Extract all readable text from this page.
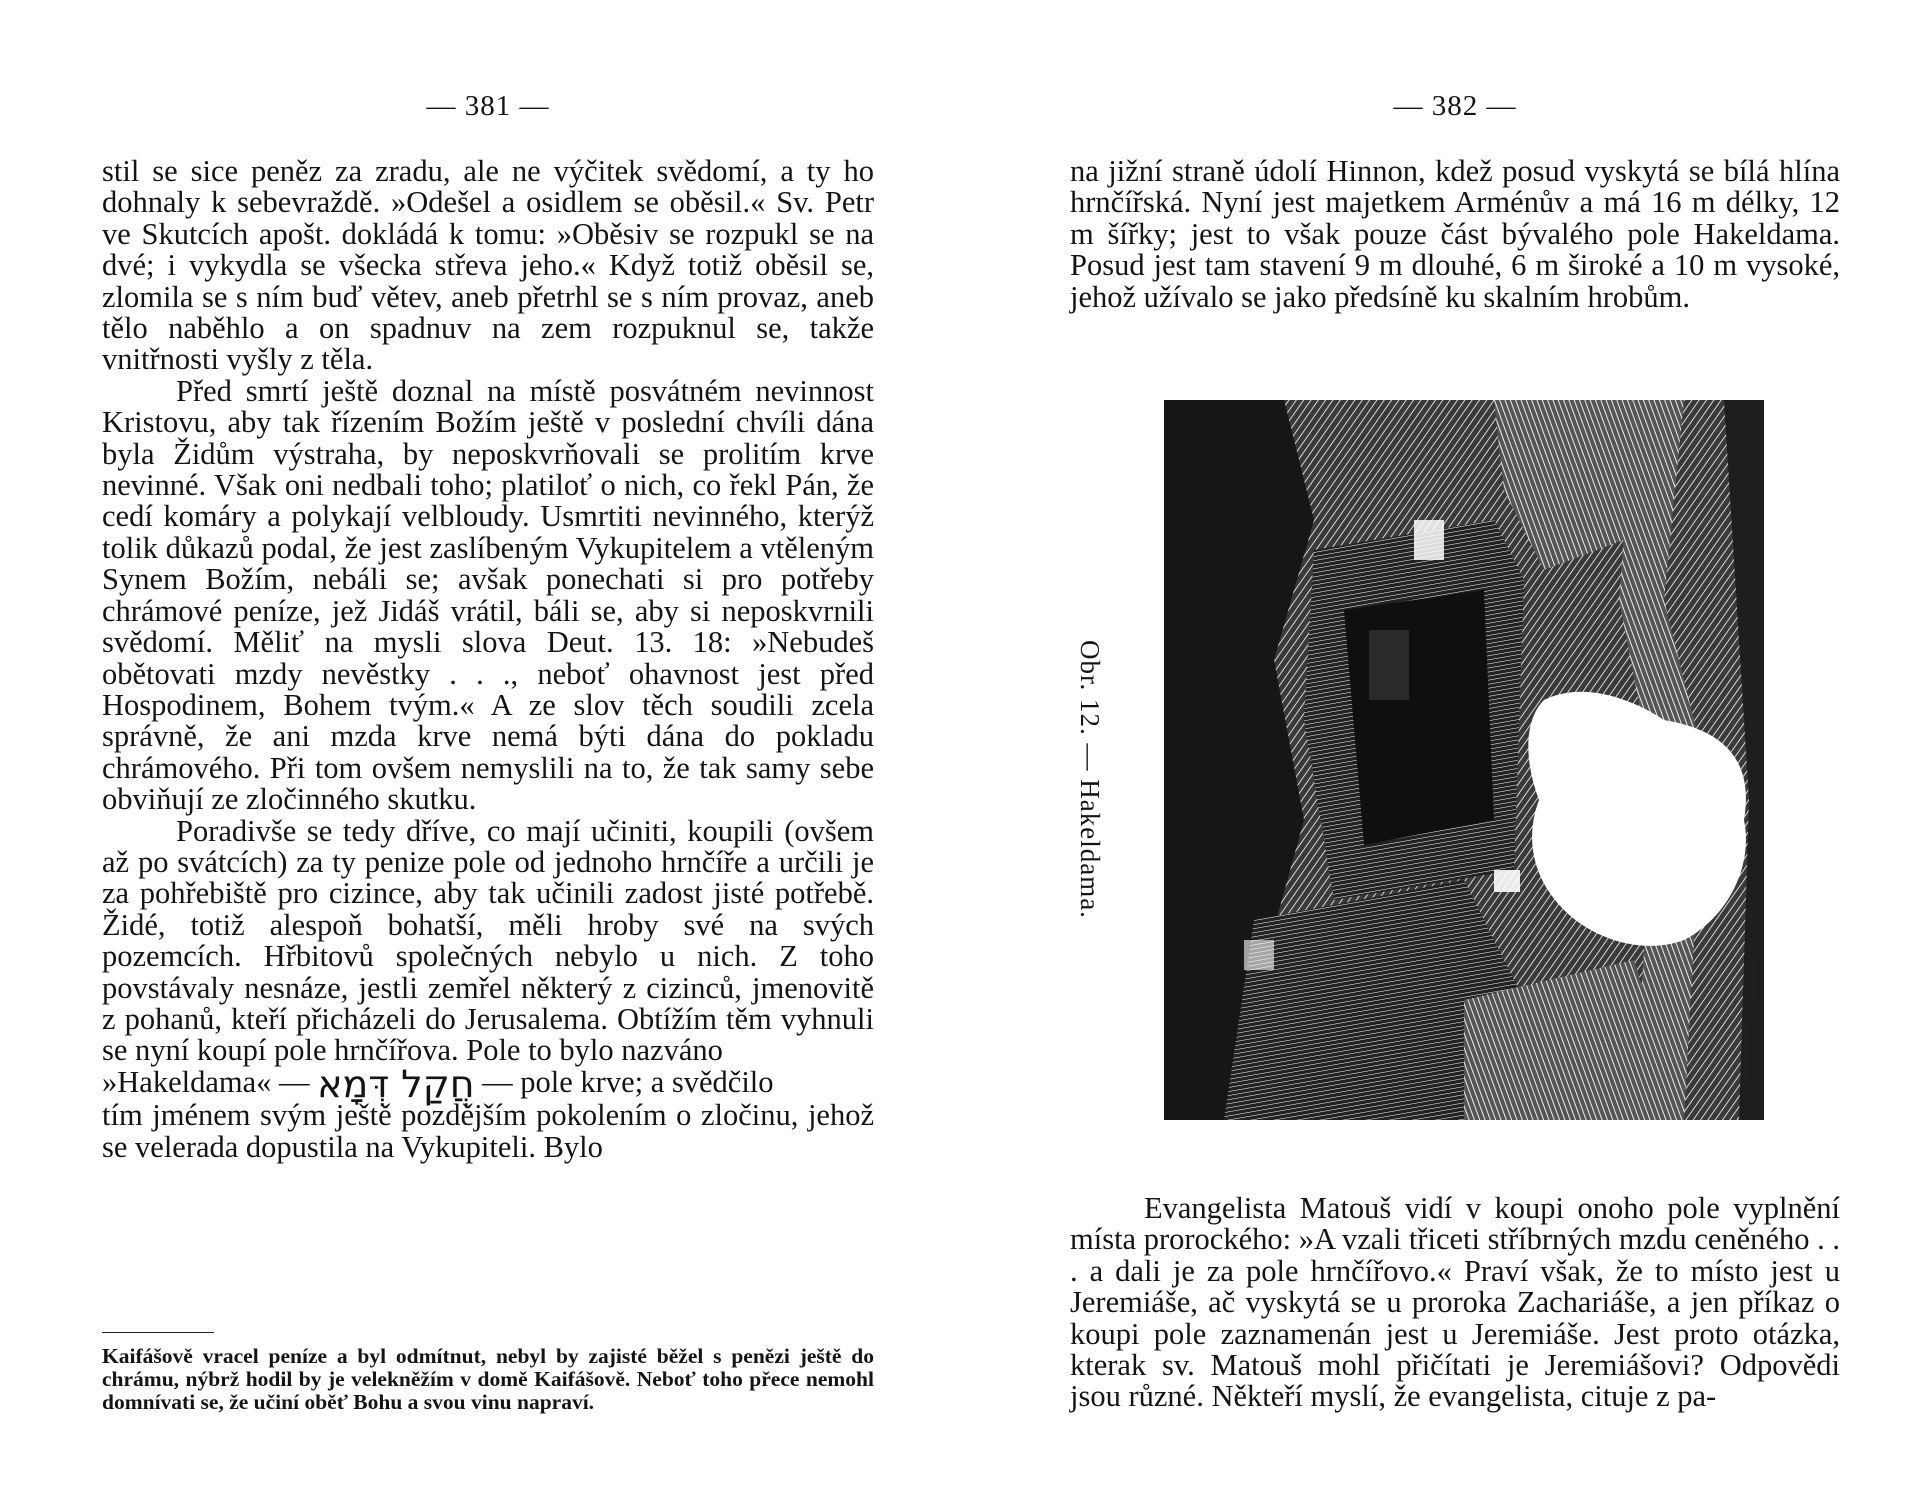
— 381 —

stil se sice peněz za zradu, ale ne výčitek svědomí, a ty ho dohnaly k sebevraždě. »Odešel a osidlem se oběsil.« Sv. Petr ve Skutcích apošt. dokládá k tomu: »Oběsiv se rozpukl se na dvé; i vykydla se všecka střeva jeho.« Když totiž oběsil se, zlomila se s ním buď větev, aneb přetrhl se s ním provaz, aneb tělo naběhlo a on spadnuv na zem rozpuknul se, takže vnitřnosti vyšly z těla.

Před smrtí ještě doznal na místě posvátném nevinnost Kristovu, aby tak řízením Božím ještě v poslední chvíli dána byla Židům výstraha, by neposkvrňovali se prolitím krve nevinné. Však oni nedbali toho; platiloť o nich, co řekl Pán, že cedí komáry a polykají velbloudy. Usmrtiti nevinného, kterýž tolik důkazů podal, že jest zaslíbeným Vykupitelem a vtěleným Synem Božím, nebáli se; avšak ponechati si pro potřeby chrámové peníze, jež Jidáš vrátil, báli se, aby si neposkvrnili svědomí. Měliť na mysli slova Deut. 13. 18: »Nebudeš obětovati mzdy nevěstky . . ., neboť ohavnost jest před Hospodinem, Bohem tvým.« A ze slov těch soudili zcela správně, že ani mzda krve nemá býti dána do pokladu chrámového. Při tom ovšem nemyslili na to, že tak samy sebe obviňují ze zločinného skutku.

Poradivše se tedy dříve, co mají učiniti, koupili (ovšem až po svátcích) za ty penize pole od jednoho hrnčíře a určili je za pohřebiště pro cizince, aby tak učinili zadost jisté potřebě. Židé, totiž alespoň bohatší, měli hroby své na svých pozemcích. Hřbitovů společných nebylo u nich. Z toho povstávaly nesnáze, jestli zemřel některý z cizinců, jmenovitě z pohanů, kteří přicházeli do Jerusalema. Obtížím těm vyhnuli se nyní koupí pole hrnčířova. Pole to bylo nazváno

»Hakeldama« — חֲקַל דְּמָא — pole krve; a svědčilo

tím jménem svým ještě pozdějším pokolením o zločinu, jehož se velerada dopustila na Vykupiteli. Bylo

Kaifášově vracel peníze a byl odmítnut, nebyl by zajisté běžel s penězi ještě do chrámu, nýbrž hodil by je velekněžím v domě Kaifášově. Neboť toho přece nemohl domnívati se, že učiní oběť Bohu a svou vinu napraví.
— 382 —

na jižní straně údolí Hinnon, kdež posud vyskytá se bílá hlína hrnčířská. Nyní jest majetkem Arménův a má 16 m délky, 12 m šířky; jest to však pouze část bývalého pole Hakeldama. Posud jest tam stavení 9 m dlouhé, 6 m široké a 10 m vysoké, jehož užívalo se jako předsíně ku skalním hrobům.

Obr. 12. — Hakeldama.

Evangelista Matouš vidí v koupi onoho pole vyplnění místa prorockého: »A vzali třiceti stříbrných mzdu ceněného . . . a dali je za pole hrnčířovo.« Praví však, že to místo jest u Jeremiáše, ač vyskytá se u proroka Zachariáše, a jen příkaz o koupi pole zaznamenán jest u Jeremiáše. Jest proto otázka, kterak sv. Matouš mohl přičítati je Jeremiášovi? Odpovědi jsou různé. Někteří myslí, že evangelista, cituje z pa-
